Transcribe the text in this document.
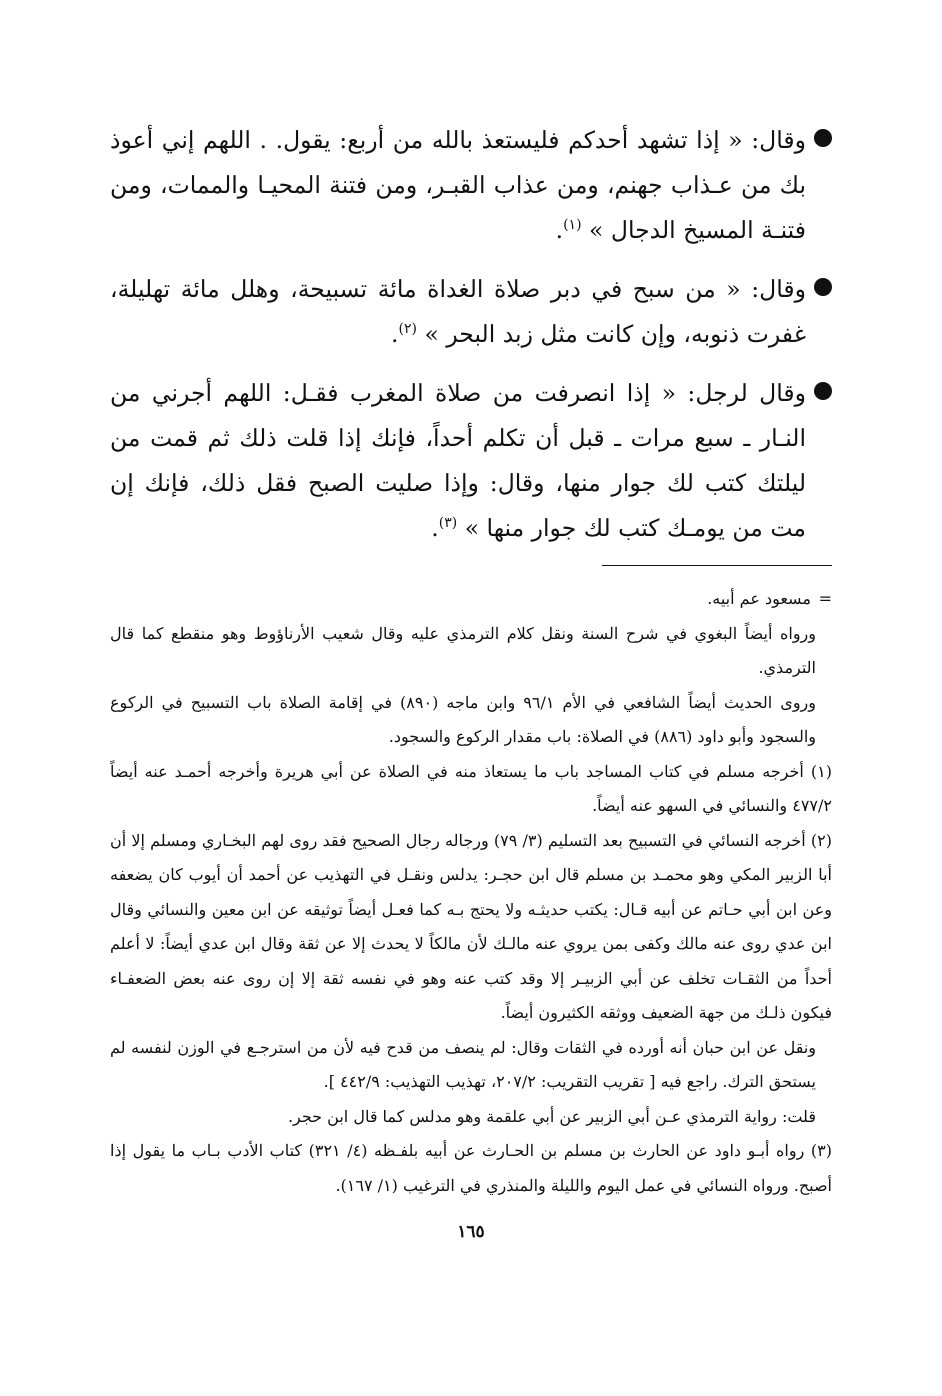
وقال: « إذا تشهد أحدكم فليستعذ بالله من أربع: يقول. . اللهم إني أعوذ بك من عـذاب جهنم، ومن عذاب القبـر، ومن فتنة المحيـا والممات، ومن فتنـة المسيخ الدجال » $^{(١)}$.

وقال: « من سبح في دبر صلاة الغداة مائة تسبيحة، وهلل مائة تهليلة، غفرت ذنوبه، وإن كانت مثل زبد البحر » $^{(٢)}$.

وقال لرجل: « إذا انصرفت من صلاة المغرب فقـل: اللهم أجرني من النـار ـ سبع مرات ـ قبل أن تكلم أحداً، فإنك إذا قلت ذلك ثم قمت من ليلتك كتب لك جوار منها، وقال: وإذا صليت الصبح فقل ذلك، فإنك إن مت من يومـك كتب لك جوار منها » $^{(٣)}$.

= مسعود عم أبيه.

ورواه أيضاً البغوي في شرح السنة ونقل كلام الترمذي عليه وقال شعيب الأرناؤوط وهو منقطع كما قال الترمذي.

وروى الحديث أيضاً الشافعي في الأم ٩٦/١ وابن ماجه (٨٩٠) في إقامة الصلاة باب التسبيح في الركوع والسجود وأبو داود (٨٨٦) في الصلاة: باب مقدار الركوع والسجود.

(١) أخرجه مسلم في كتاب المساجد باب ما يستعاذ منه في الصلاة عن أبي هريرة وأخرجه أحمـد عنه أيضاً ٤٧٧/٢ والنسائي في السهو عنه أيضاً.

(٢) أخرجه النسائي في التسبيح بعد التسليم (٣/ ٧٩) ورجاله رجال الصحيح فقد روى لهم البخـاري ومسلم إلا أن أبا الزبير المكي وهو محمـد بن مسلم قال ابن حجـر: يدلس ونقـل في التهذيب عن أحمد أن أيوب كان يضعفه وعن ابن أبي حـاتم عن أبيه قـال: يكتب حديثـه ولا يحتج بـه كما فعـل أيضاً توثيقه عن ابن معين والنسائي وقال ابن عدي روى عنه مالك وكفى بمن يروي عنه مالـك لأن مالكاً لا يحدث إلا عن ثقة وقال ابن عدي أيضاً: لا أعلم أحداً من الثقـات تخلف عن أبي الزبيـر إلا وقد كتب عنه وهو في نفسه ثقة إلا إن روى عنه بعض الضعفـاء فيكون ذلـك من جهة الضعيف ووثقه الكثيرون أيضاً.

ونقل عن ابن حبان أنه أورده في الثقات وقال: لم ينصف من قدح فيه لأن من استرجـع في الوزن لنفسه لم يستحق الترك. راجع فيه [ تقريب التقريب: ٢٠٧/٢، تهذيب التهذيب: ٤٤٢/٩ ].

قلت: رواية الترمذي عـن أبي الزبير عن أبي علقمة وهو مدلس كما قال ابن حجر.

(٣) رواه أبـو داود عن الحارث بن مسلم بن الحـارث عن أبيه بلفـظه (٤/ ٣٢١) كتاب الأدب بـاب ما يقول إذا أصبح. ورواه النسائي في عمل اليوم والليلة والمنذري في الترغيب (١/ ١٦٧).

١٦٥
